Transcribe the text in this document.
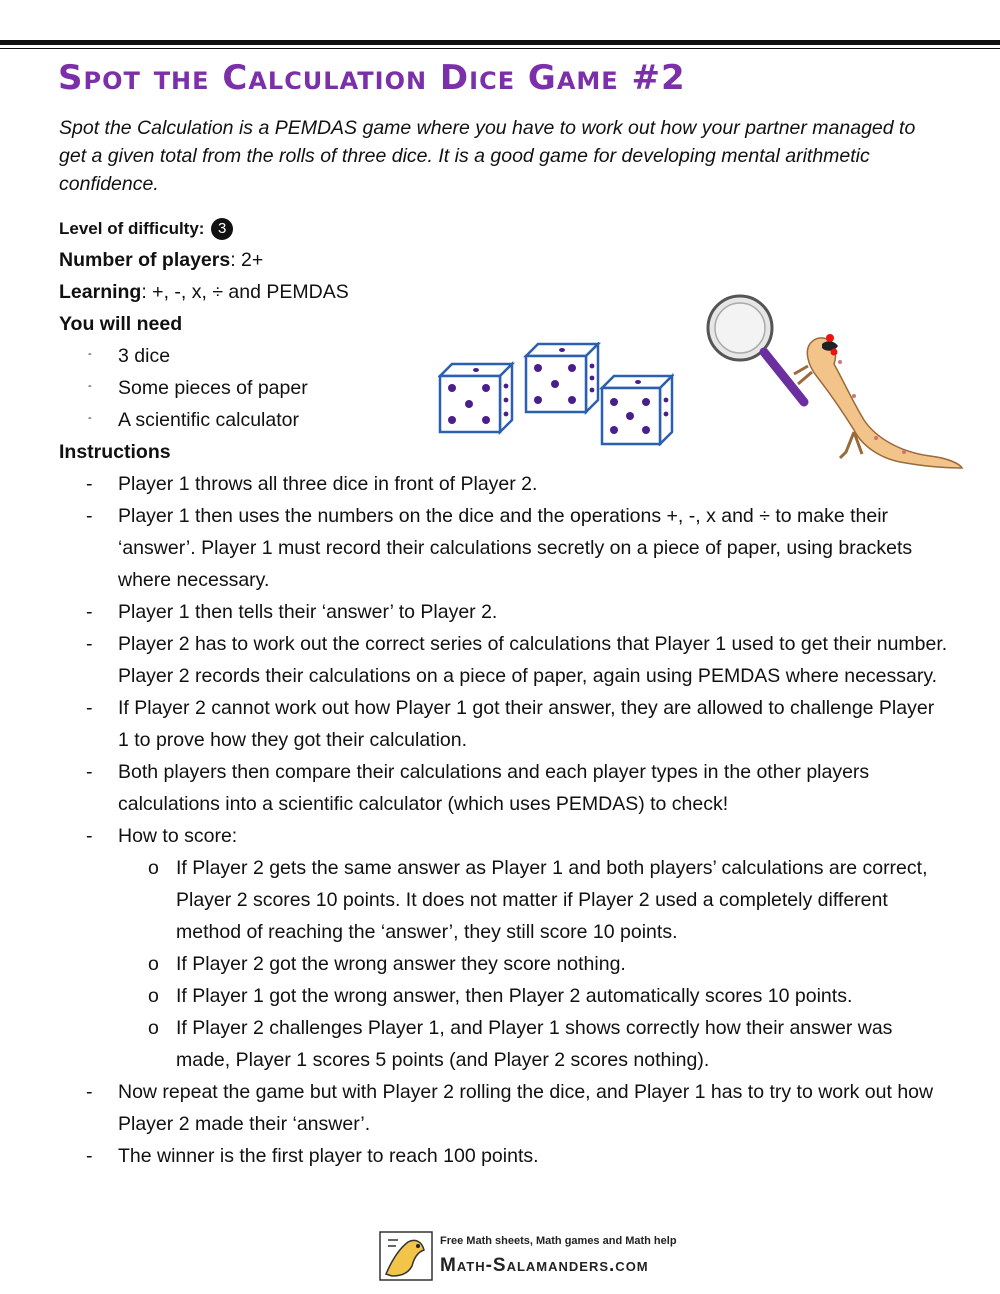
Spot the Calculation Dice Game #2

Spot the Calculation is a PEMDAS game where you have to work out how your partner managed to get a given total from the rolls of three dice. It is a good game for developing mental arithmetic confidence.

Level of difficulty: 3
Number of players: 2+
Learning: +, -, x, ÷ and PEMDAS
You will need
- 3 dice
- Some pieces of paper
- A scientific calculator
Instructions
- Player 1 throws all three dice in front of Player 2.
- Player 1 then uses the numbers on the dice and the operations +, -, x and ÷ to make their ‘answer’. Player 1 must record their calculations secretly on a piece of paper, using brackets where necessary.
- Player 1 then tells their ‘answer’ to Player 2.
- Player 2 has to work out the correct series of calculations that Player 1 used to get their number. Player 2 records their calculations on a piece of paper, again using PEMDAS where necessary.
- If Player 2 cannot work out how Player 1 got their answer, they are allowed to challenge Player 1 to prove how they got their calculation.
- Both players then compare their calculations and each player types in the other players calculations into a scientific calculator (which uses PEMDAS) to check!
- How to score:
o If Player 2 gets the same answer as Player 1 and both players’ calculations are correct, Player 2 scores 10 points. It does not matter if Player 2 used a completely different method of reaching the ‘answer’, they still score 10 points.
o If Player 2 got the wrong answer they score nothing.
o If Player 1 got the wrong answer, then Player 2 automatically scores 10 points.
o If Player 2 challenges Player 1, and Player 1 shows correctly how their answer was made, Player 1 scores 5 points (and Player 2 scores nothing).
- Now repeat the game but with Player 2 rolling the dice, and Player 1 has to try to work out how Player 2 made their ‘answer’.
- The winner is the first player to reach 100 points.
Free Math sheets, Math games and Math help
Math-Salamanders.com
